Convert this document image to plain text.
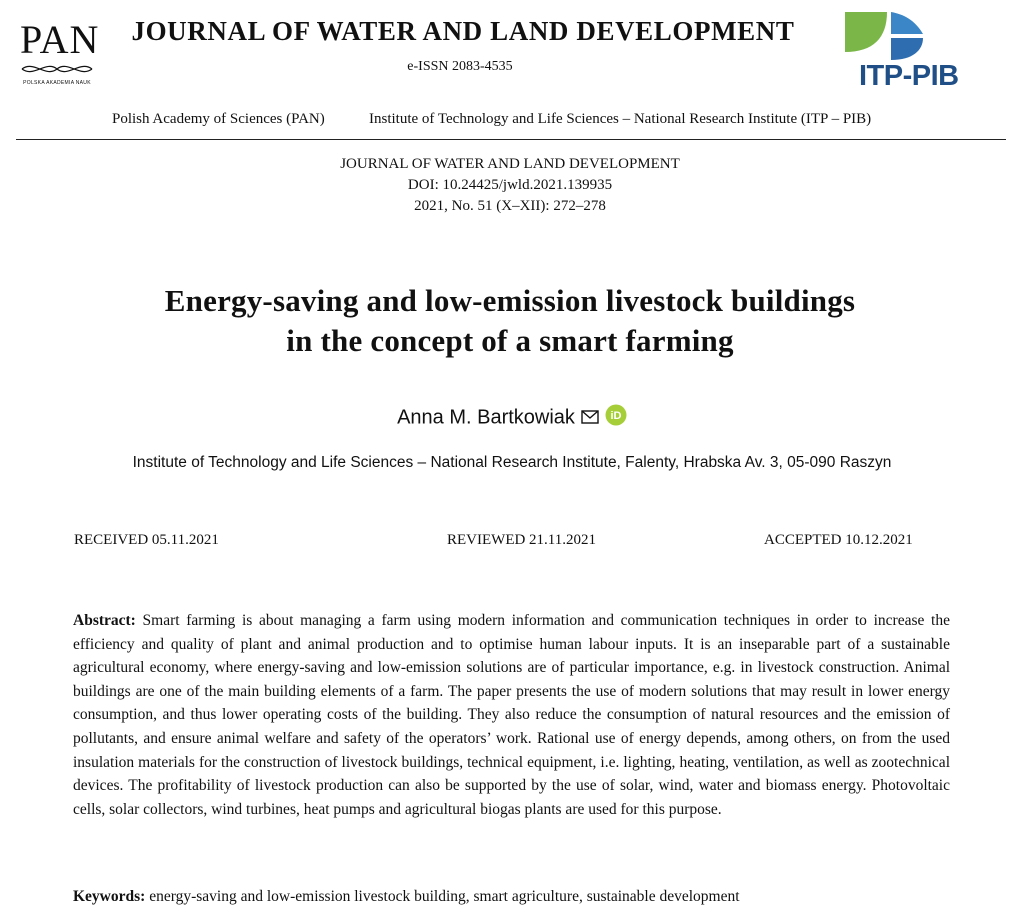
PAN
POLSKA AKADEMIA NAUK
JOURNAL OF WATER AND LAND DEVELOPMENT
e-ISSN 2083-4535	ITP-PIB
Polish Academy of Sciences (PAN)	Institute of Technology and Life Sciences – National Research Institute (ITP – PIB)
JOURNAL OF WATER AND LAND DEVELOPMENT
DOI: 10.24425/jwld.2021.139935
2021, No. 51 (X–XII): 272–278
Energy-saving and low-emission livestock buildings
in the concept of a smart farming
Anna M. Bartkowiak	iD
Institute of Technology and Life Sciences – National Research Institute, Falenty, Hrabska Av. 3, 05-090 Raszyn
RECEIVED 05.11.2021	REVIEWED 21.11.2021	ACCEPTED 10.12.2021

Abstract: Smart farming is about managing a farm using modern information and communication techniques in order to increase the efficiency and quality of plant and animal production and to optimise human labour inputs. It is an inseparable part of a sustainable agricultural economy, where energy-saving and low-emission solutions are of particular importance, e.g. in livestock construction. Animal buildings are one of the main building elements of a farm. The paper presents the use of modern solutions that may result in lower energy consumption, and thus lower operating costs of the building. They also reduce the consumption of natural resources and the emission of pollutants, and ensure animal welfare and safety of the operators’ work. Rational use of energy depends, among others, on from the used insulation materials for the construction of livestock buildings, technical equipment, i.e. lighting, heating, ventilation, as well as zootechnical devices. The profitability of livestock production can also be supported by the use of solar, wind, water and biomass energy. Photovoltaic cells, solar collectors, wind turbines, heat pumps and agricultural biogas plants are used for this purpose.

Keywords: energy-saving and low-emission livestock building, smart agriculture, sustainable development
